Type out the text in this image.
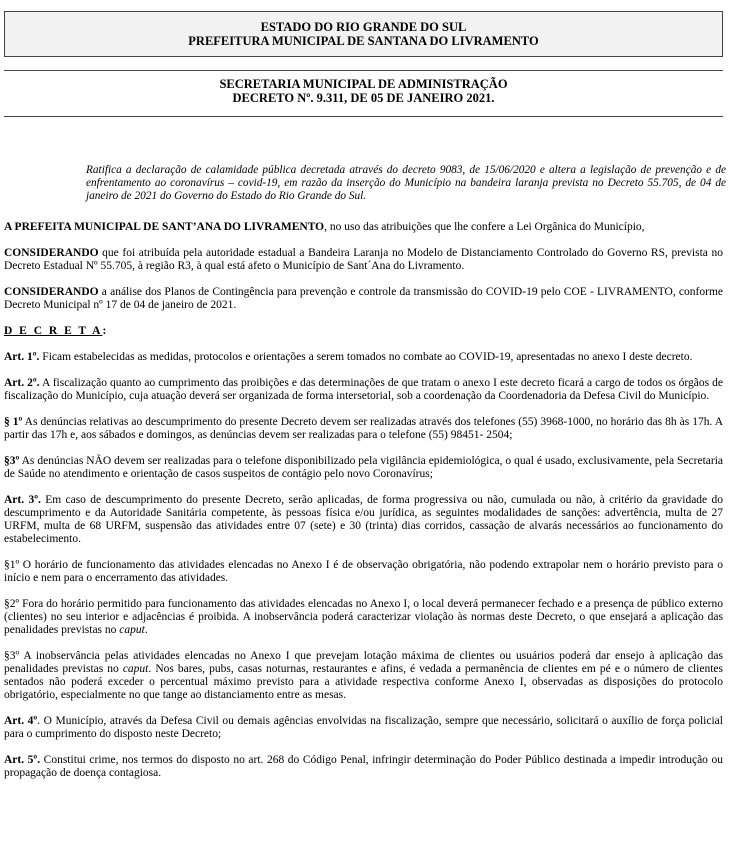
ESTADO DO RIO GRANDE DO SUL
PREFEITURA MUNICIPAL DE SANTANA DO LIVRAMENTO
SECRETARIA MUNICIPAL DE ADMINISTRAÇÃO
DECRETO Nº. 9.311, DE 05 DE JANEIRO 2021.
Ratifica a declaração de calamidade pública decretada através do decreto 9083, de 15/06/2020 e altera a legislação de prevenção e de enfrentamento ao coronavírus – covid-19, em razão da inserção do Município na bandeira laranja prevista no Decreto 55.705, de 04 de janeiro de 2021 do Governo do Estado do Rio Grande do Sul.

A PREFEITA MUNICIPAL DE SANT’ANA DO LIVRAMENTO, no uso das atribuições que lhe confere a Lei Orgânica do Município,

CONSIDERANDO que foi atribuída pela autoridade estadual a Bandeira Laranja no Modelo de Distanciamento Controlado do Governo RS, prevista no Decreto Estadual Nº 55.705, à região R3, à qual está afeto o Município de Sant´Ana do Livramento.

CONSIDERANDO a análise dos Planos de Contingência para prevenção e controle da transmissão do COVID-19 pelo COE - LIVRAMENTO, conforme Decreto Municipal nº 17 de 04 de janeiro de 2021.

D E C R E T A:

Art. 1º. Ficam estabelecidas as medidas, protocolos e orientações a serem tomados no combate ao COVID-19, apresentadas no anexo I deste decreto.

Art. 2º. A fiscalização quanto ao cumprimento das proibições e das determinações de que tratam o anexo I este decreto ficará a cargo de todos os órgãos de fiscalização do Município, cuja atuação deverá ser organizada de forma intersetorial, sob a coordenação da Coordenadoria da Defesa Civil do Município.

§ 1º As denúncias relativas ao descumprimento do presente Decreto devem ser realizadas através dos telefones (55) 3968-1000, no horário das 8h às 17h. A partir das 17h e, aos sábados e domingos, as denúncias devem ser realizadas para o telefone (55) 98451- 2504;

§3º As denúncias NÃO devem ser realizadas para o telefone disponibilizado pela vigilância epidemiológica, o qual é usado, exclusivamente, pela Secretaria de Saúde no atendimento e orientação de casos suspeitos de contágio pelo novo Coronavírus;

Art. 3º. Em caso de descumprimento do presente Decreto, serão aplicadas, de forma progressiva ou não, cumulada ou não, à critério da gravidade do descumprimento e da Autoridade Sanitária competente, às pessoas física e/ou jurídica, as seguintes modalidades de sanções: advertência, multa de 27 URFM, multa de 68 URFM, suspensão das atividades entre 07 (sete) e 30 (trinta) dias corridos, cassação de alvarás necessários ao funcionamento do estabelecimento.

§1º O horário de funcionamento das atividades elencadas no Anexo I é de observação obrigatória, não podendo extrapolar nem o horário previsto para o início e nem para o encerramento das atividades.

§2º Fora do horário permitido para funcionamento das atividades elencadas no Anexo I, o local deverá permanecer fechado e a presença de público externo (clientes) no seu interior e adjacências é proibida. A inobservância poderá caracterizar violação às normas deste Decreto, o que ensejará a aplicação das penalidades previstas no caput.

§3º A inobservância pelas atividades elencadas no Anexo I que prevejam lotação máxima de clientes ou usuários poderá dar ensejo à aplicação das penalidades previstas no caput. Nos bares, pubs, casas noturnas, restaurantes e afins, é vedada a permanência de clientes em pé e o número de clientes sentados não poderá exceder o percentual máximo previsto para a atividade respectiva conforme Anexo I, observadas as disposições do protocolo obrigatório, especialmente no que tange ao distanciamento entre as mesas.

Art. 4º. O Município, através da Defesa Civil ou demais agências envolvidas na fiscalização, sempre que necessário, solicitará o auxílio de força policial para o cumprimento do disposto neste Decreto;

Art. 5º. Constitui crime, nos termos do disposto no art. 268 do Código Penal, infringir determinação do Poder Público destinada a impedir introdução ou propagação de doença contagiosa.
